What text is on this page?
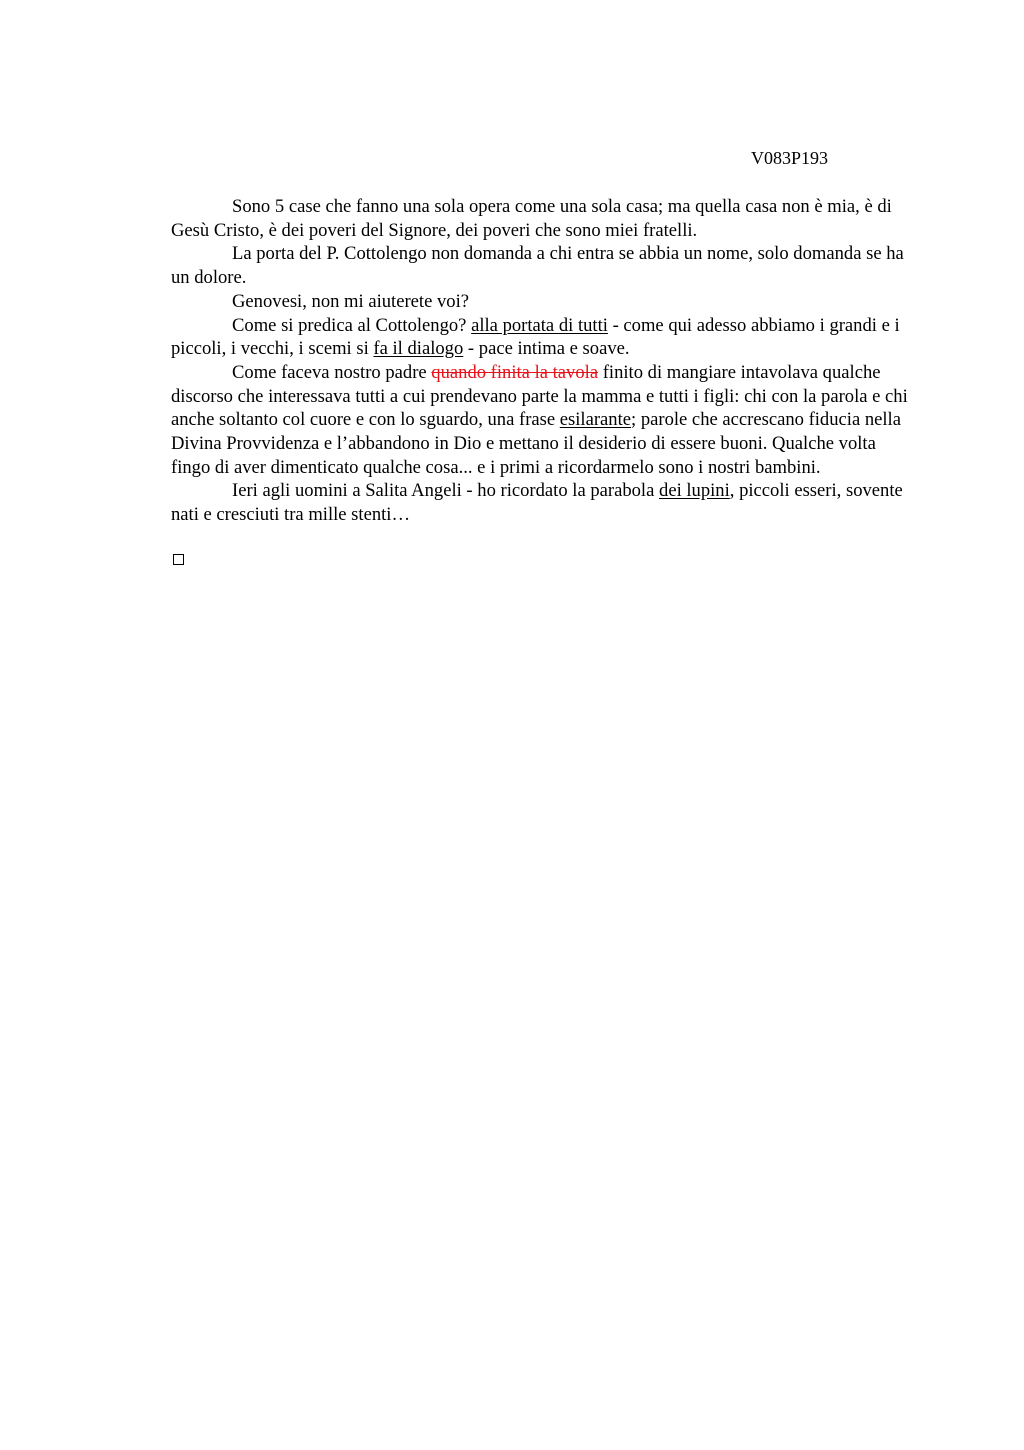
V083P193

Sono 5 case che fanno una sola opera come una sola casa; ma quella casa non è mia, è di Gesù Cristo, è dei poveri del Signore, dei poveri che sono miei fratelli.

La porta del P. Cottolengo non domanda a chi entra se abbia un nome, solo domanda se ha un dolore.

Genovesi, non mi aiuterete voi?

Come si predica al Cottolengo? alla portata di tutti - come qui adesso abbiamo i grandi e i piccoli, i vecchi, i scemi si fa il dialogo - pace intima e soave.

Come faceva nostro padre quando finita la tavola finito di mangiare intavolava qualche discorso che interessava tutti a cui prendevano parte la mamma e tutti i figli: chi con la parola e chi anche soltanto col cuore e con lo sguardo, una frase esilarante; parole che accrescano fiducia nella Divina Provvidenza e l’abbandono in Dio e mettano il desiderio di essere buoni. Qualche volta fingo di aver dimenticato qualche cosa... e i primi a ricordarmelo sono i nostri bambini.

Ieri agli uomini a Salita Angeli - ho ricordato la parabola dei lupini, piccoli esseri, sovente nati e cresciuti tra mille stenti…
